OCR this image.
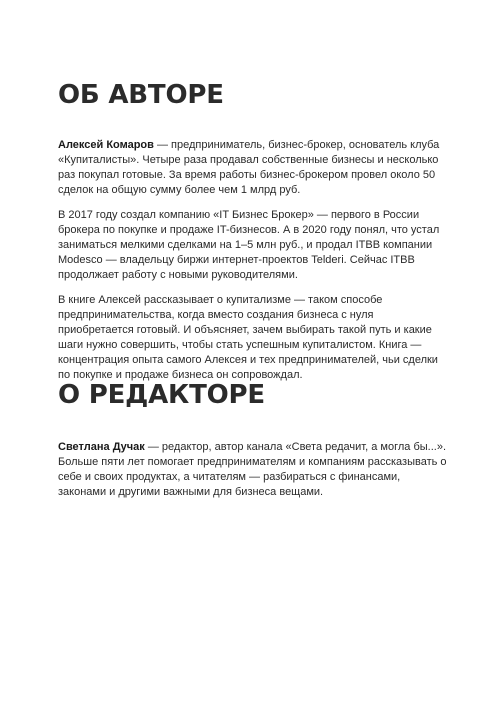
ОБ АВТОРЕ

Алексей Комаров — предприниматель, бизнес-брокер, основатель клуба «Купиталисты». Четыре раза продавал собственные бизнесы и несколько раз покупал готовые. За время работы бизнес-брокером провел около 50 сделок на общую сумму более чем 1 млрд руб.

В 2017 году создал компанию «IT Бизнес Брокер» — первого в России брокера по покупке и продаже IT-бизнесов. А в 2020 году понял, что устал заниматься мелкими сделками на 1–5 млн руб., и продал ITBB компании Modesco — владельцу биржи интернет-проектов Telderi. Сейчас ITBB продолжает работу с новыми руководителями.

В книге Алексей рассказывает о купитализме — таком способе предпринимательства, когда вместо создания бизнеса с нуля приобретается готовый. И объясняет, зачем выбирать такой путь и какие шаги нужно совершить, чтобы стать успешным купиталистом. Книга — концентрация опыта самого Алексея и тех предпринимателей, чьи сделки по покупке и продаже бизнеса он сопровождал.

О РЕДАКТОРЕ

Светлана Дучак — редактор, автор канала «Света редачит, а могла бы...». Больше пяти лет помогает предпринимателям и компаниям рассказывать о себе и своих продуктах, а читателям — разбираться с финансами, законами и другими важными для бизнеса вещами.
